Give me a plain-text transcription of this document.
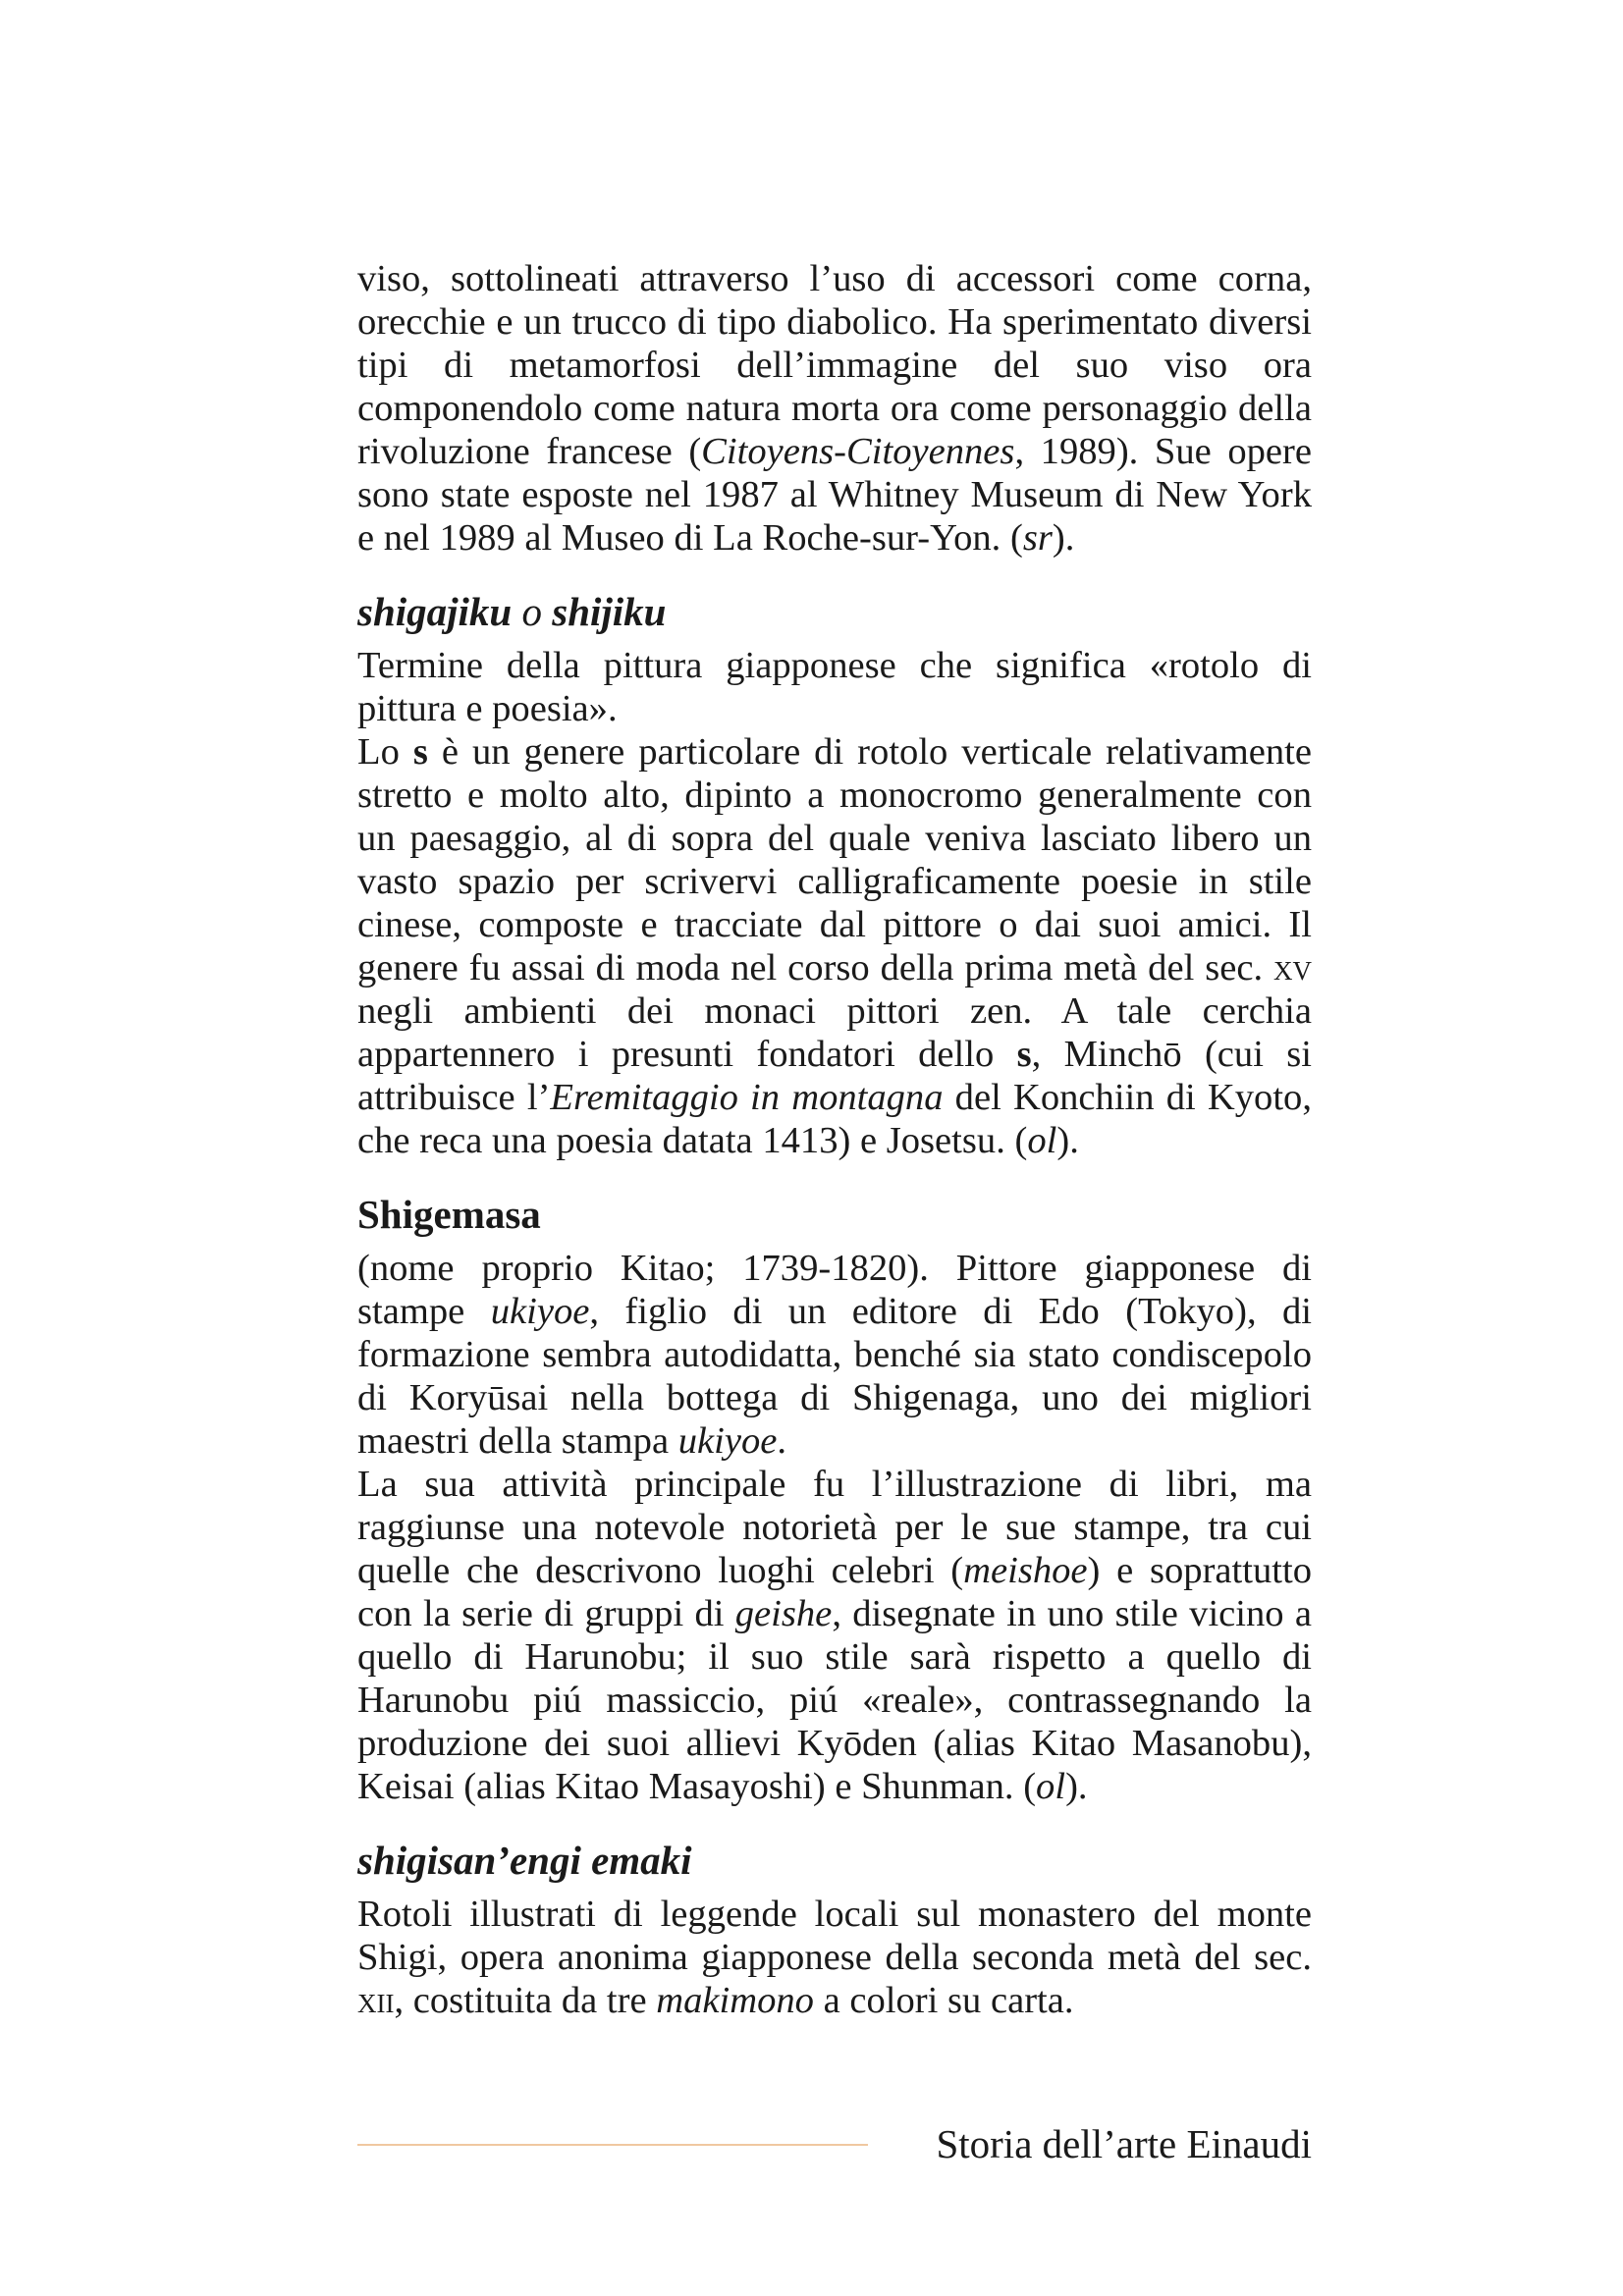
viso, sottolineati attraverso l’uso di accessori come corna, orecchie e un trucco di tipo diabolico. Ha sperimentato diversi tipi di metamorfosi dell’immagine del suo viso ora componendolo come natura morta ora come personaggio della rivoluzione francese (Citoyens-Citoyennes, 1989). Sue opere sono state esposte nel 1987 al Whitney Museum di New York e nel 1989 al Museo di La Roche-sur-Yon. (sr).

shigajiku o shijiku

Termine della pittura giapponese che significa «rotolo di pittura e poesia».

Lo s è un genere particolare di rotolo verticale relativamente stretto e molto alto, dipinto a monocromo generalmente con un paesaggio, al di sopra del quale veniva lasciato libero un vasto spazio per scrivervi calligraficamente poesie in stile cinese, composte e tracciate dal pittore o dai suoi amici. Il genere fu assai di moda nel corso della prima metà del sec. xv negli ambienti dei monaci pittori zen. A tale cerchia appartennero i presunti fondatori dello s, Minchō (cui si attribuisce l’Eremitaggio in montagna del Konchiin di Kyoto, che reca una poesia datata 1413) e Josetsu. (ol).

Shigemasa

(nome proprio Kitao; 1739-1820). Pittore giapponese di stampe ukiyoe, figlio di un editore di Edo (Tokyo), di formazione sembra autodidatta, benché sia stato condiscepolo di Koryūsai nella bottega di Shigenaga, uno dei migliori maestri della stampa ukiyoe.

La sua attività principale fu l’illustrazione di libri, ma raggiunse una notevole notorietà per le sue stampe, tra cui quelle che descrivono luoghi celebri (meishoe) e soprattutto con la serie di gruppi di geishe, disegnate in uno stile vicino a quello di Harunobu; il suo stile sarà rispetto a quello di Harunobu piú massiccio, piú «reale», contrassegnando la produzione dei suoi allievi Kyōden (alias Kitao Masanobu), Keisai (alias Kitao Masayoshi) e Shunman. (ol).

shigisan’engi emaki

Rotoli illustrati di leggende locali sul monastero del monte Shigi, opera anonima giapponese della seconda metà del sec. xii, costituita da tre makimono a colori su carta.

Storia dell’arte Einaudi
